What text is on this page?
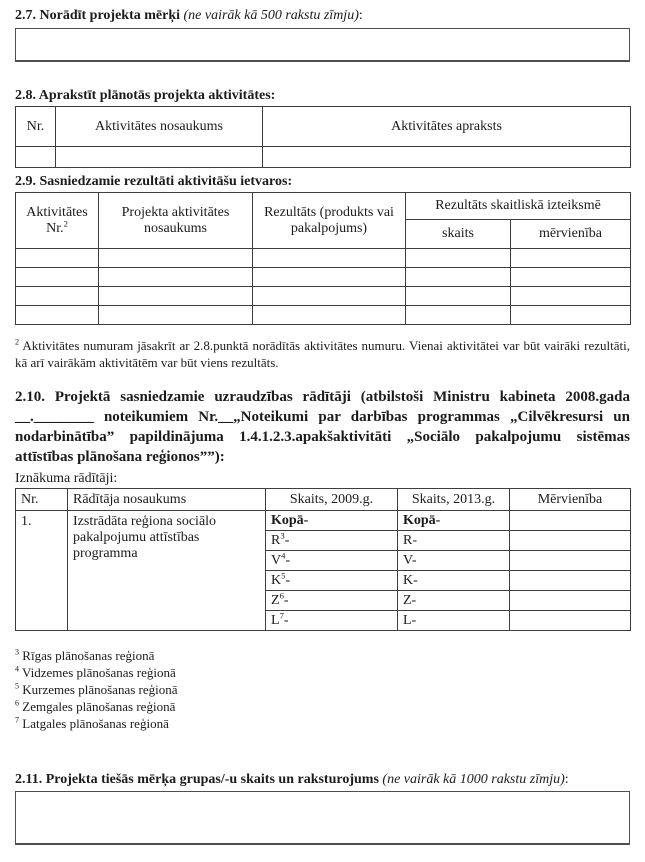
2.7. Norādīt projekta mērķi (ne vairāk kā 500 rakstu zīmju):

2.8. Aprakstīt plānotās projekta aktivitātes:

Nr.	Aktivitātes nosaukums	Aktivitātes apraksts

2.9. Sasniedzamie rezultāti aktivitāšu ietvaros:

Aktivitātes
Nr.$^2$	Projekta aktivitātes nosaukums	Rezultāts (produkts vai pakalpojums)	Rezultāts skaitliskā izteiksmē	
			skaits	mērvienība

$^2$ Aktivitātes numuram jāsakrīt ar 2.8.punktā norādītās aktivitātes numuru. Vienai aktivitātei var būt vairāki rezultāti, kā arī vairākām aktivitātēm var būt viens rezultāts.

2.10. Projektā sasniedzamie uzraudzības rādītāji (atbilstoši Ministru kabineta 2008.gada __.________ noteikumiem Nr.__„Noteikumi par darbības programmas „Cilvēkresursi un nodarbinātība” papildinājuma 1.4.1.2.3.apakšaktivitāti „Sociālo pakalpojumu sistēmas attīstības plānošana reģionos””):

Iznākuma rādītāji:

Nr.	Rādītāja nosaukums	Skaits, 2009.g.	Skaits, 2013.g.	Mērvienība
1.	Izstrādāta reģiona sociālo pakalpojumu attīstības programma	Kopā-	Kopā-	
		$R^3-$	R-	
		$V^4-$	V-	
		$K^5-$	K-	
		$Z^6-$	Z-	
		$L^7-$	L-	

$^3$ Rīgas plānošanas reģionā

$^4$ Vidzemes plānošanas reģionā

$^5$ Kurzemes plānošanas reģionā

$^6$ Zemgales plānošanas reģionā

$^7$ Latgales plānošanas reģionā

2.11. Projekta tiešās mērķa grupas/-u skaits un raksturojums (ne vairāk kā 1000 rakstu zīmju):
